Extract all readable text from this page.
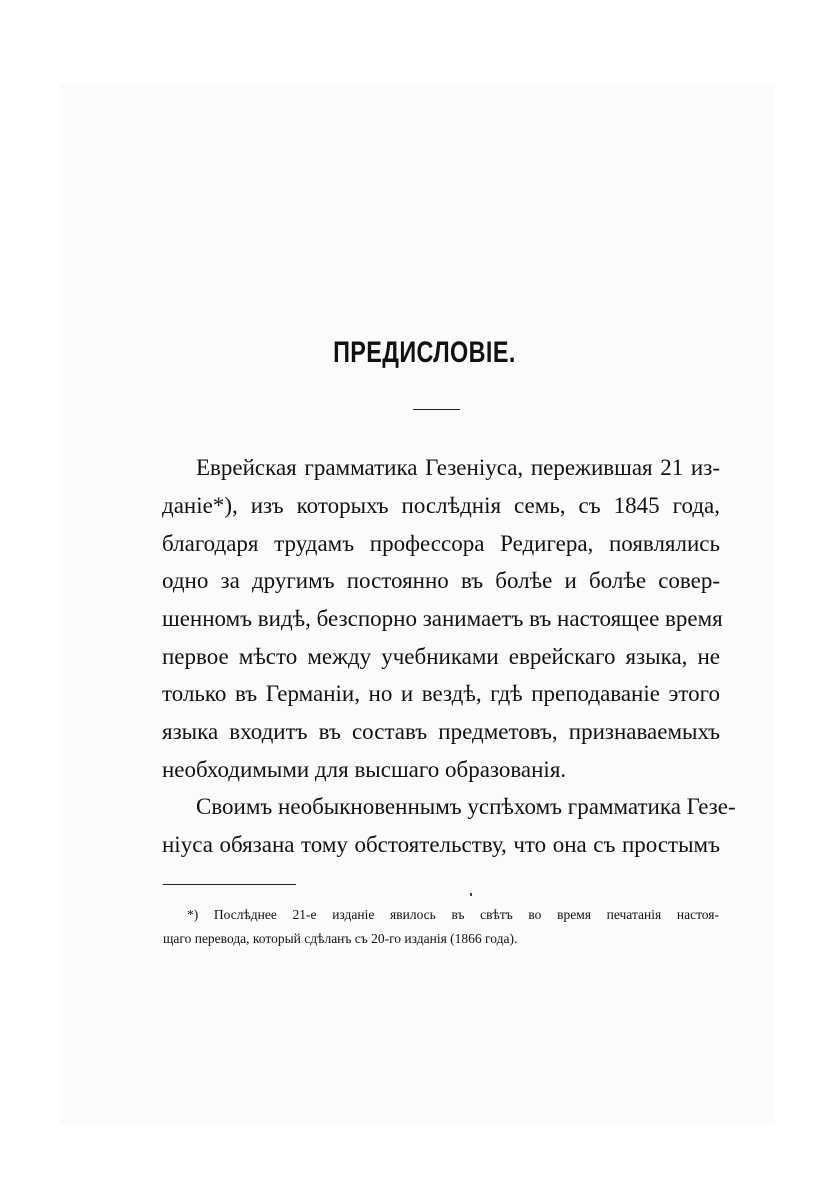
ПРЕДИСЛОВІЕ.
Еврейская грамматика Гезеніуса, пережившая 21 из-
даніе*), изъ которыхъ послѣднія семь, съ 1845 года,
благодаря трудамъ профессора Редигера, появлялись
одно за другимъ постоянно въ болѣе и болѣе совер-
шенномъ видѣ, безспорно занимаетъ въ настоящее время
первое мѣсто между учебниками еврейскаго языка, не
только въ Германіи, но и вездѣ, гдѣ преподаваніе этого
языка входитъ въ составъ предметовъ, признаваемыхъ
необходимыми для высшаго образованія.
Своимъ необыкновеннымъ успѣхомъ грамматика Гезе-
ніуса обязана тому обстоятельству, что она съ простымъ
*) Послѣднее 21-е изданіе явилось въ свѣтъ во время печатанія настоя-
щаго перевода, который сдѣланъ съ 20-го изданія (1866 года).
